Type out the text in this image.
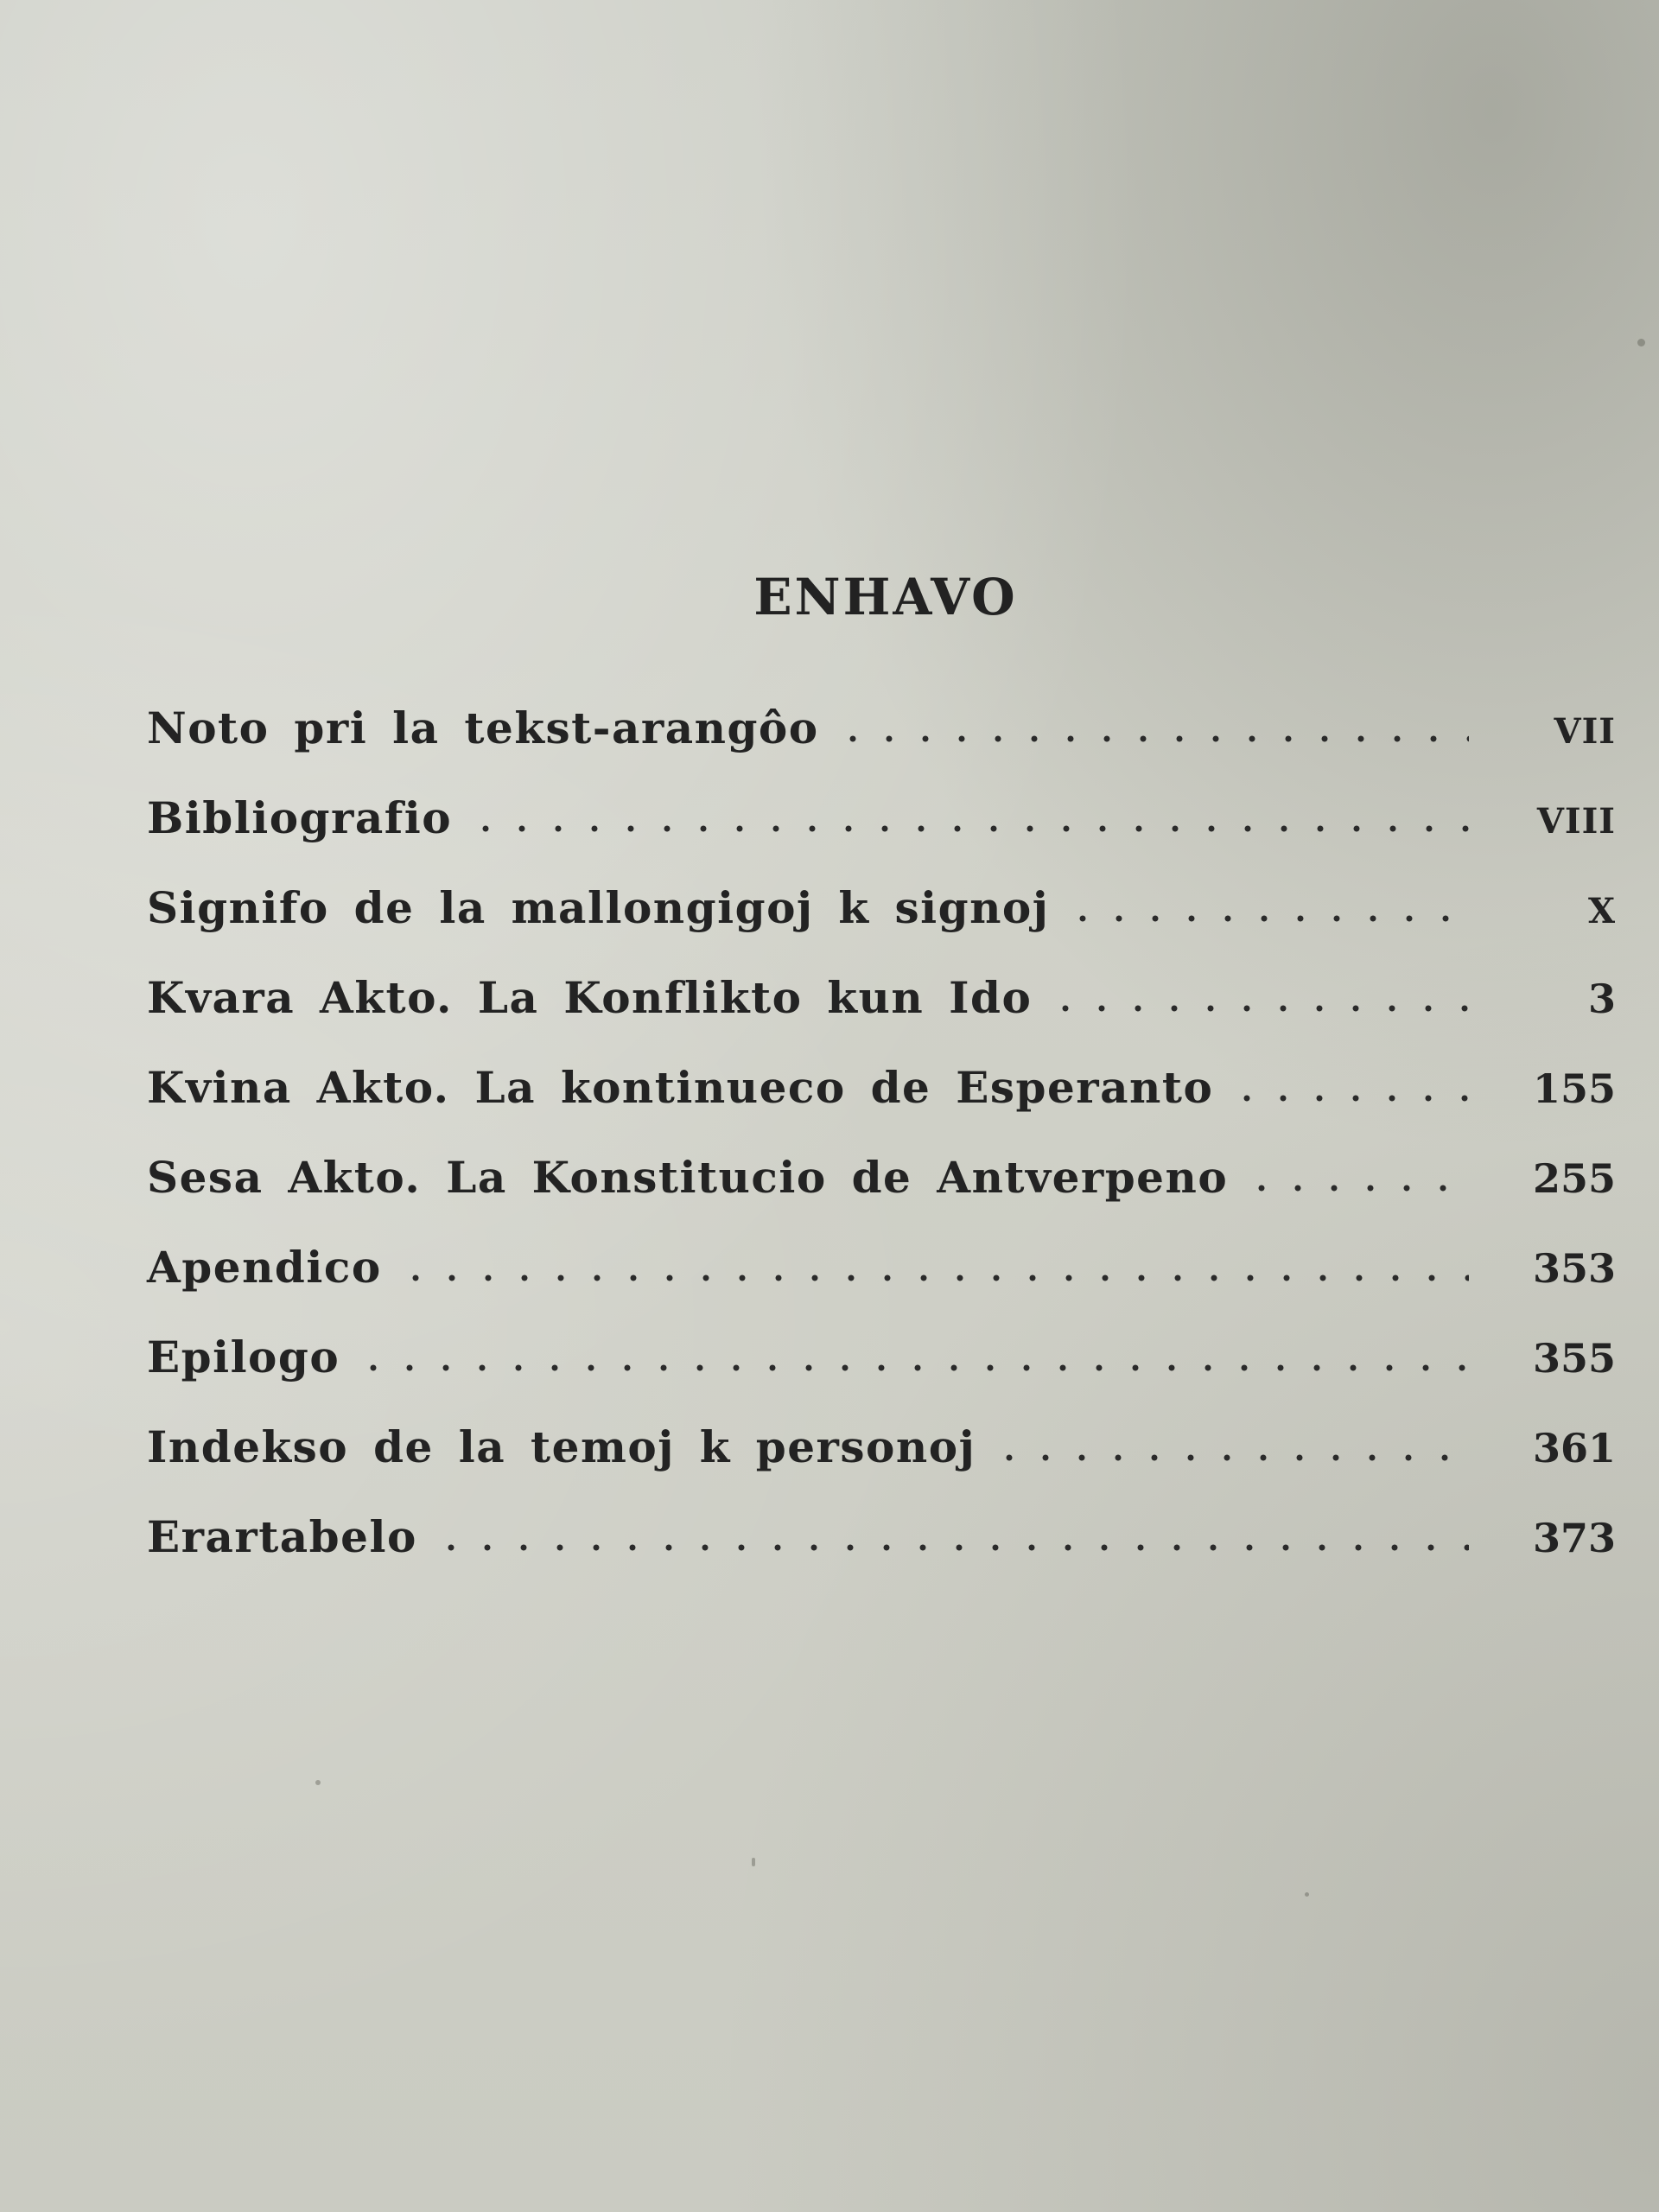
ENHAVO
Noto pri la tekst-arangôo	VII
Bibliografio	VIII
Signifo de la mallongigoj k signoj	X
Kvara Akto. La Konflikto kun Ido	3
Kvina Akto. La kontinueco de Esperanto	155
Sesa Akto. La Konstitucio de Antverpeno	255
Apendico	353
Epilogo	355
Indekso de la temoj k personoj	361
Erartabelo	373
